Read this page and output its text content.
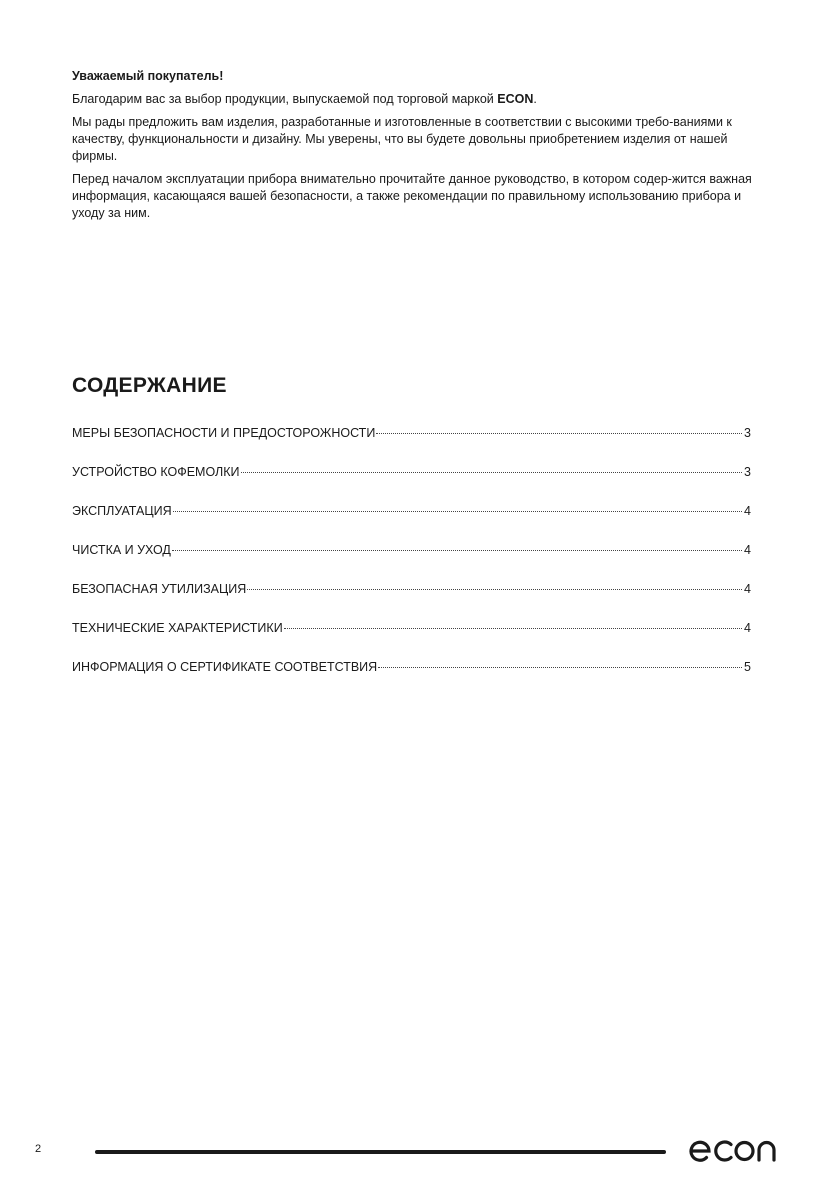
Уважаемый покупатель!

Благодарим вас за выбор продукции, выпускаемой под торговой маркой ECON.

Мы рады предложить вам изделия, разработанные и изготовленные в соответствии с высокими требо-ваниями к качеству, функциональности и дизайну. Мы уверены, что вы будете довольны приобретением изделия от нашей фирмы.

Перед началом эксплуатации прибора внимательно прочитайте данное руководство, в котором содер-жится важная информация, касающаяся вашей безопасности, а также рекомендации по правильному использованию прибора и уходу за ним.

СОДЕРЖАНИЕ
МЕРЫ БЕЗОПАСНОСТИ И ПРЕДОСТОРОЖНОСТИ	3
УСТРОЙСТВО КОФЕМОЛКИ	3
ЭКСПЛУАТАЦИЯ	4
ЧИСТКА И УХОД	4
БЕЗОПАСНАЯ УТИЛИЗАЦИЯ	4
ТЕХНИЧЕСКИЕ ХАРАКТЕРИСТИКИ	4
ИНФОРМАЦИЯ О СЕРТИФИКАТЕ СООТВЕТСТВИЯ	5
2
